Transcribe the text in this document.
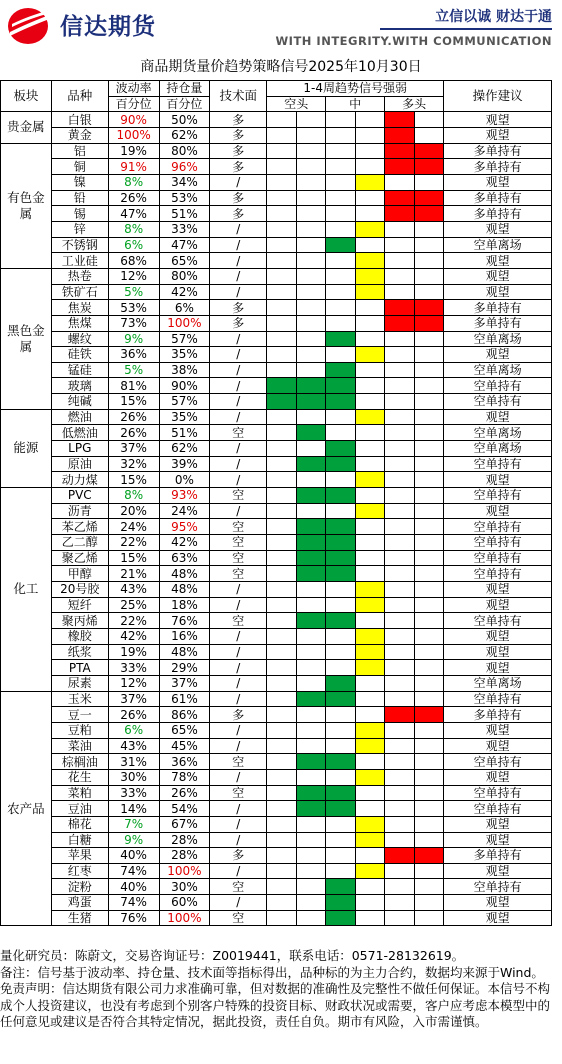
信达期货	立信以诚 财达于通
WITH INTEGRITY.WITH COMMUNICATION
商品期货量价趋势策略信号2025年10月30日
板块	品种	波动率	持仓量	技术面	1-4周趋势信号强弱						操作建议
		百分位	百分位		空头		中		多头		
贵金属	白银	90%	50%	多							观望
	黄金	100%	62%	多							观望
有色金属	铝	19%	80%	多							多单持有
	铜	91%	96%	多							多单持有
	镍	8%	34%	/							观望
	铅	26%	53%	多							多单持有
	锡	47%	51%	多							多单持有
	锌	8%	33%	/							观望
	不锈钢	6%	47%	/							空单离场
	工业硅	68%	65%	/							观望
黑色金属	热卷	12%	80%	/							观望
	铁矿石	5%	42%	/							观望
	焦炭	53%	6%	多							多单持有
	焦煤	73%	100%	多							多单持有
	螺纹	9%	57%	/							空单离场
	硅铁	36%	35%	/							观望
	锰硅	5%	38%	/							空单离场
	玻璃	81%	90%	/							空单持有
	纯碱	15%	57%	/							空单持有
能源	燃油	26%	35%	/							观望
	低燃油	26%	51%	空							空单离场
	LPG	37%	62%	/							空单离场
	原油	32%	39%	/							空单持有
	动力煤	15%	0%	/							观望
化工	PVC	8%	93%	空							空单持有
	沥青	20%	24%	/							观望
	苯乙烯	24%	95%	空							空单持有
	乙二醇	22%	42%	空							空单持有
	聚乙烯	15%	63%	空							空单持有
	甲醇	21%	48%	空							空单持有
	20号胶	43%	48%	/							观望
	短纤	25%	18%	/							观望
	聚丙烯	22%	76%	空							空单持有
	橡胶	42%	16%	/							观望
	纸浆	19%	48%	/							观望
	PTA	33%	29%	/							观望
	尿素	12%	37%	/							空单离场
农产品	玉米	37%	61%	/							空单持有
	豆一	26%	86%	多							多单持有
	豆粕	6%	65%	/							观望
	菜油	43%	45%	/							观望
	棕榈油	31%	36%	空							空单持有
	花生	30%	78%	/							观望
	菜粕	33%	26%	空							空单持有
	豆油	14%	54%	/							空单持有
	棉花	7%	67%	/							观望
	白糖	9%	28%	/							观望
	苹果	40%	28%	多							多单持有
	红枣	74%	100%	/							观望
	淀粉	40%	30%	空							空单持有
	鸡蛋	74%	60%	/							观望
	生猪	76%	100%	空							观望
量化研究员：陈蔚文，交易咨询证号：Z0019441，联系电话：0571-28132619。
备注：信号基于波动率、持仓量、技术面等指标得出，品种标的为主力合约，数据均来源于Wind。
免责声明：信达期货有限公司力求准确可靠，但对数据的准确性及完整性不做任何保证。本信号不构成个人投资建议，也没有考虑到个别客户特殊的投资目标、财政状况或需要，客户应考虑本模型中的任何意见或建议是否符合其特定情况，据此投资，责任自负。期市有风险，入市需谨慎。
